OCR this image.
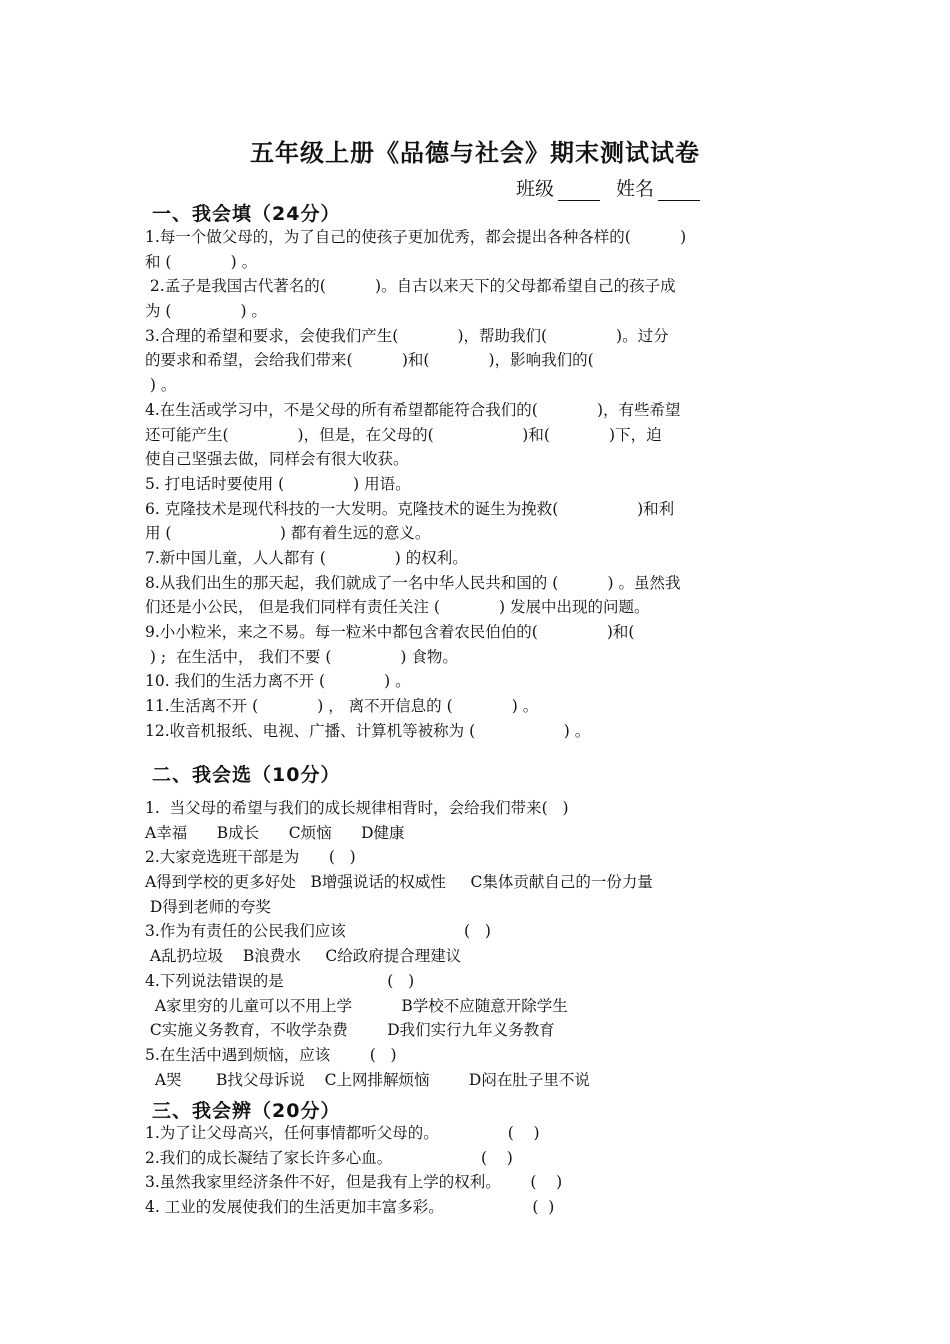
五年级上册《品德与社会》期末测试试卷
班级	姓名
一、我会填（24分）
1.每一个做父母的，为了自己的使孩子更加优秀，都会提出各种各样的(          )
和 (            ) 。
2.孟子是我国古代著名的(          )。自古以来天下的父母都希望自己的孩子成
为 (              ) 。
3.合理的希望和要求，会使我们产生(            )，帮助我们(              )。过分
的要求和希望，会给我们带来(          )和(            )，影响我们的(
) 。
4.在生活或学习中，不是父母的所有希望都能符合我们的(            )，有些希望
还可能产生(              )，但是，在父母的(                  )和(            )下，迫
使自己坚强去做，同样会有很大收获。
5. 打电话时要使用 (              ) 用语。
6. 克隆技术是现代科技的一大发明。克隆技术的诞生为挽救(                )和利
用 (                      ) 都有着生远的意义。
7.新中国儿童，人人都有 (              ) 的权利。
8.从我们出生的那天起，我们就成了一名中华人民共和国的 (          ) 。虽然我
们还是小公民， 但是我们同样有责任关注 (            ) 发展中出现的问题。
9.小小粒米，来之不易。每一粒米中都包含着农民伯伯的(              )和(
) ;  在生活中， 我们不要 (              ) 食物。
10. 我们的生活力离不开 (            ) 。
11.生活离不开 (            ) ， 离不开信息的 (            ) 。
12.收音机报纸、电视、广播、计算机等被称为 (                  ) 。
二、我会选（10分）
1.  当父母的希望与我们的成长规律相背时，会给我们带来(   )
A幸福      B成长      C烦恼      D健康
2.大家竞选班干部是为      (   )
A得到学校的更多好处   B增强说话的权威性     C集体贡献自己的一份力量
D得到老师的夸奖
3.作为有责任的公民我们应该                        (   )
A乱扔垃圾    B浪费水     C给政府提合理建议
4.下列说法错误的是                     (   )
A家里穷的儿童可以不用上学          B学校不应随意开除学生
C实施义务教育，不收学杂费        D我们实行九年义务教育
5.在生活中遇到烦恼，应该        (   )
A哭       B找父母诉说    C上网排解烦恼        D闷在肚子里不说
三、我会辨（20分）
1.为了让父母高兴，任何事情都听父母的。              (    )
2.我们的成长凝结了家长许多心血。                  (    )
3.虽然我家里经济条件不好，但是我有上学的权利。      (    )
4. 工业的发展使我们的生活更加丰富多彩。                  (  )
